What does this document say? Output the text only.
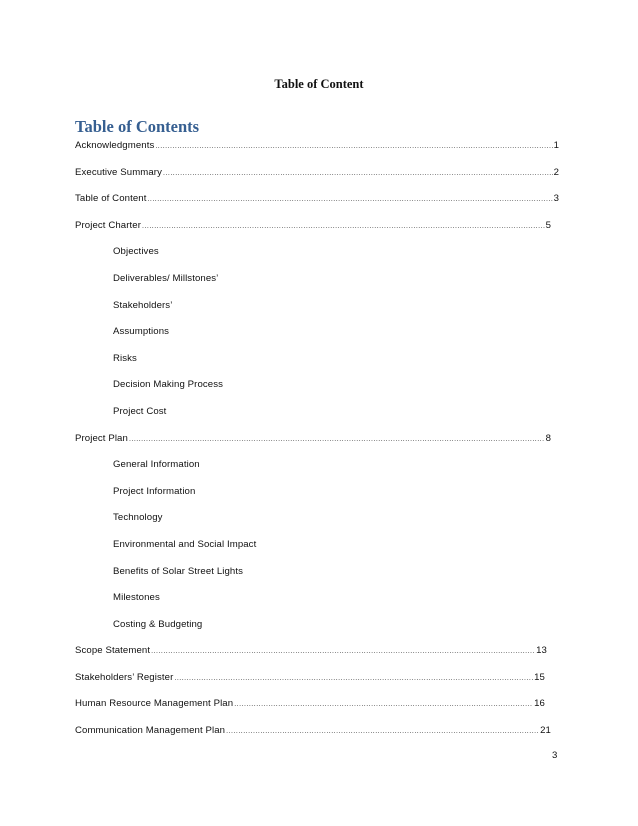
Table of Content
Table of Contents
Acknowledgments .....	1
Executive Summary .....	2
Table of Content .....	3
Project Charter .....	5
Objectives
Deliverables/ Millstones’
Stakeholders’
Assumptions
Risks
Decision Making Process
Project Cost
Project Plan .....	8
General Information
Project Information
Technology
Environmental and Social Impact
Benefits of Solar Street Lights
Milestones
Costing & Budgeting
Scope Statement .....	13
Stakeholders’ Register .....	15
Human Resource Management Plan .....	16
Communication Management Plan .....	21
3
